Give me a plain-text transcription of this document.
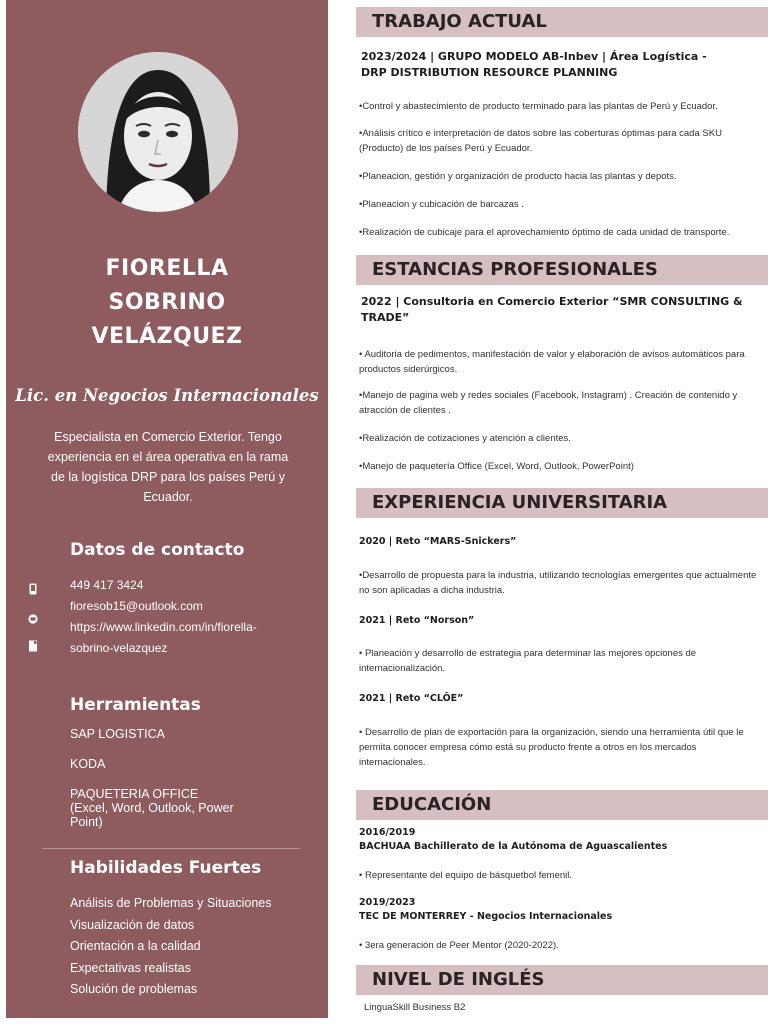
FIORELLA
SOBRINO
VELÁZQUEZ
Lic. en Negocios Internacionales
Especialista en Comercio Exterior. Tengo experiencia en el área operativa en la rama de la logística DRP para los países Perú y Ecuador.
Datos de contacto
449 417 3424
fioresob15@outlook.com
https://www.linkedin.com/in/fiorella-
sobrino-velazquez
Herramientas
SAP LOGISTICA
KODA
PAQUETERIA OFFICE
(Excel, Word, Outlook, Power
Point)
Habilidades Fuertes
Análisis de Problemas y Situaciones
Visualización de datos
Orientación a la calidad
Expectativas realistas
Solución de problemas
TRABAJO ACTUAL
2023/2024 | GRUPO MODELO AB-Inbev | Área Logística -
DRP DISTRIBUTION RESOURCE PLANNING
•Control y abastecimiento de producto terminado para las plantas de Perú y Ecuador.
•Análisis crítico e interpretación de datos sobre las coberturas óptimas para cada SKU (Producto) de los países Perú y Ecuador.
•Planeacion, gestión y organización de producto hacia las plantas y depots.
•Planeacion y cubicación de barcazas .
•Realización de cubicaje para el aprovechamiento óptimo de cada unidad de transporte.
ESTANCIAS PROFESIONALES
2022 | Consultoria en Comercio Exterior “SMR CONSULTING &
TRADE”
• Auditoria de pedimentos, manifestación de valor y elaboración de avisos automáticos para productos siderúrgicos.
•Manejo de pagina web y redes sociales (Facebook, Instagram) . Creación de contenido y atracción de clientes .
•Realización de cotizaciones y atención a clientes.
•Manejo de paquetería Office (Excel, Word, Outlook, PowerPoint)
EXPERIENCIA UNIVERSITARIA
2020 | Reto “MARS-Snickers”
•Desarrollo de propuesta para la industria, utilizando tecnologías emergentes que actualmente no son aplicadas a dicha industria.
2021 | Reto “Norson”
• Planeación y desarrollo de estrategia para determinar las mejores opciones de internacionalización.
2021 | Reto “CLÕE”
• Desarrollo de plan de exportación para la organización, siendo una herramienta útil que le permita conocer empresa cómo está su producto frente a otros en los mercados internacionales.
EDUCACIÓN
2016/2019
BACHUAA Bachillerato de la Autónoma de Aguascalientes
• Representante del equipo de básquetbol femenil.
2019/2023
TEC DE MONTERREY - Negocios Internacionales
• 3era generación de Peer Mentor (2020-2022).
NIVEL DE INGLÉS
LinguaSkill Business B2
